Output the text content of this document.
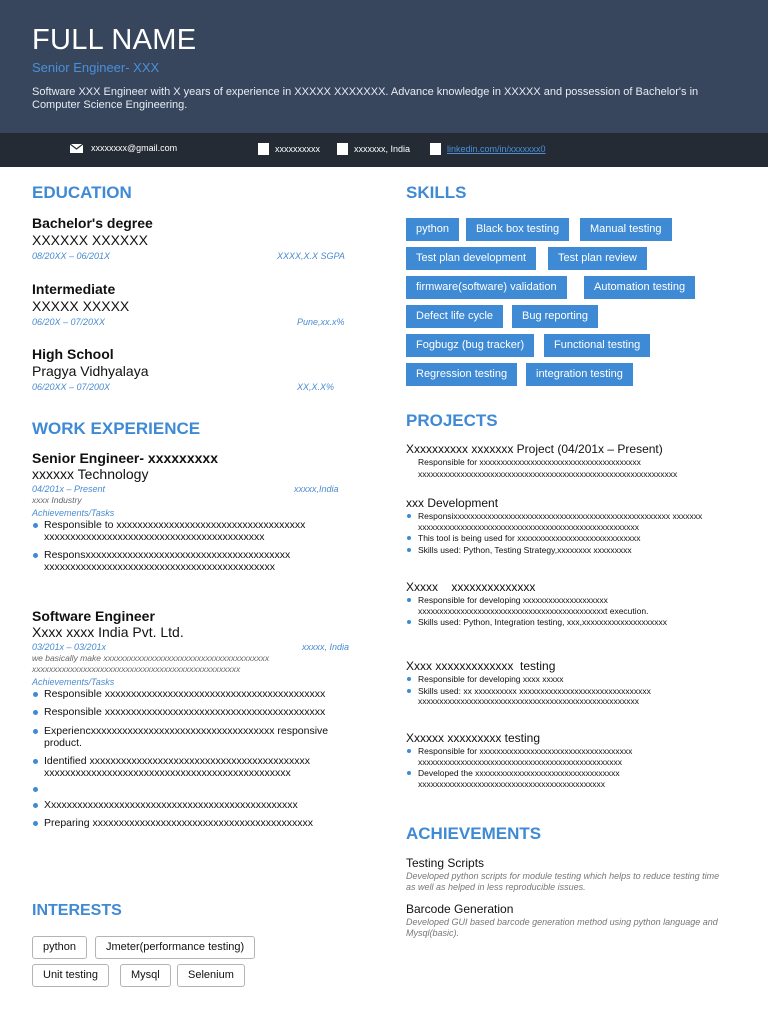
FULL NAME
Senior Engineer- XXX
Software XXX Engineer with X years of experience in XXXXX XXXXXXX. Advance knowledge in XXXXX and possession of Bachelor's in Computer Science Engineering.
xxxxxxxx@gmail.com	xxxxxxxxxx	xxxxxxx, India	linkedin.com/in/xxxxxxx0
EDUCATION
Bachelor's degree
XXXXXX XXXXXX
08/20XX – 06/201X	XXXX,X.X SGPA
Intermediate
XXXXX XXXXX
06/20X – 07/20XX	Pune,xx.x%
High School
Pragya Vidhyalaya
06/20XX – 07/200X	XX,X.X%
WORK EXPERIENCE
Senior Engineer- xxxxxxxxx
xxxxxx Technology
04/201x – Present	xxxxx,India
xxxx Industry
Achievements/Tasks
Responsible to xxxxxxxxxxxxxxxxxxxxxxxxxxxxxxxxxxxx xxxxxxxxxxxxxxxxxxxxxxxxxxxxxxxxxxxxxxxxxx
Responsxxxxxxxxxxxxxxxxxxxxxxxxxxxxxxxxxxxxxxx xxxxxxxxxxxxxxxxxxxxxxxxxxxxxxxxxxxxxxxxxxxx
Software Engineer
Xxxx xxxx India Pvt. Ltd.
03/201x – 03/201x	xxxxx, India
we basically make xxxxxxxxxxxxxxxxxxxxxxxxxxxxxxxxxxxxxxx xxxxxxxxxxxxxxxxxxxxxxxxxxxxxxxxxxxxxxxxxxxxxxxxx
Achievements/Tasks
Responsible xxxxxxxxxxxxxxxxxxxxxxxxxxxxxxxxxxxxxxxxxx
Responsible xxxxxxxxxxxxxxxxxxxxxxxxxxxxxxxxxxxxxxxxxx
Experiencxxxxxxxxxxxxxxxxxxxxxxxxxxxxxxxxxxx responsive product.
Identified xxxxxxxxxxxxxxxxxxxxxxxxxxxxxxxxxxxxxxxxxx xxxxxxxxxxxxxxxxxxxxxxxxxxxxxxxxxxxxxxxxxxxxxxx
Xxxxxxxxxxxxxxxxxxxxxxxxxxxxxxxxxxxxxxxxxxxxxxxx
Preparing xxxxxxxxxxxxxxxxxxxxxxxxxxxxxxxxxxxxxxxxxx
INTERESTS
python	Jmeter(performance testing)
Unit testing	Mysql	Selenium
SKILLS
python	Black box testing	Manual testing
Test plan development	Test plan review
firmware(software) validation	Automation testing
Defect life cycle	Bug reporting
Fogbugz (bug tracker)	Functional testing
Regression testing	integration testing
PROJECTS
Xxxxxxxxxx xxxxxxx Project (04/201x – Present)
Responsible for xxxxxxxxxxxxxxxxxxxxxxxxxxxxxxxxxxxxxx
xxxxxxxxxxxxxxxxxxxxxxxxxxxxxxxxxxxxxxxxxxxxxxxxxxxxxxxxxxxxx
xxx Development
Responsixxxxxxxxxxxxxxxxxxxxxxxxxxxxxxxxxxxxxxxxxxxxxxxxxxx xxxxxxx xxxxxxxxxxxxxxxxxxxxxxxxxxxxxxxxxxxxxxxxxxxxxxxxxxxx
This tool is being used for xxxxxxxxxxxxxxxxxxxxxxxxxxxxx
Skills used: Python, Testing Strategy,xxxxxxxx xxxxxxxxx
Xxxxx    xxxxxxxxxxxxxx
Responsible for developing xxxxxxxxxxxxxxxxxxxx xxxxxxxxxxxxxxxxxxxxxxxxxxxxxxxxxxxxxxxxxxxxt execution.
Skills used: Python, Integration testing, xxx,xxxxxxxxxxxxxxxxxxxx
Xxxx xxxxxxxxxxxxx  testing
Responsible for developing xxxx xxxxx
Skills used: xx xxxxxxxxxx xxxxxxxxxxxxxxxxxxxxxxxxxxxxxxx xxxxxxxxxxxxxxxxxxxxxxxxxxxxxxxxxxxxxxxxxxxxxxxxxxxx
Xxxxxx xxxxxxxxx testing
Responsible for xxxxxxxxxxxxxxxxxxxxxxxxxxxxxxxxxxxx xxxxxxxxxxxxxxxxxxxxxxxxxxxxxxxxxxxxxxxxxxxxxxxx
Developed the xxxxxxxxxxxxxxxxxxxxxxxxxxxxxxxxxx xxxxxxxxxxxxxxxxxxxxxxxxxxxxxxxxxxxxxxxxxxxx
ACHIEVEMENTS
Testing Scripts
Developed python scripts for module testing which helps to reduce testing time as well as helped in less reproducible issues.
Barcode Generation
Developed GUI based barcode generation method using python language and Mysql(basic).
